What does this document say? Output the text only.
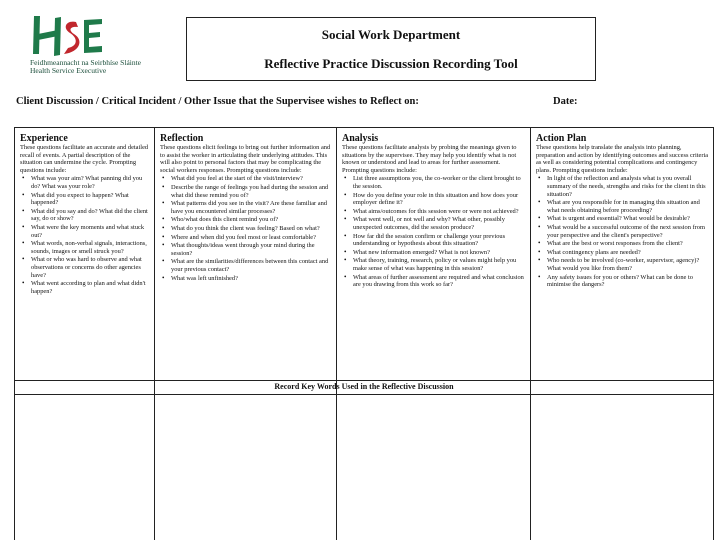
Feidhmeannacht na Seirbhíse Sláinte
Health Service Executive
Social Work Department
Reflective Practice Discussion Recording Tool
Client Discussion / Critical Incident / Other Issue that the Supervisee wishes to Reflect on:	Date:
Experience

These questions facilitate an accurate and detailed recall of events. A partial description of the situation can undermine the cycle. Prompting questions include:

• What was your aim? What panning did you do? What was your role?
• What did you expect to happen? What happened?
• What did you say and do? What did the client say, do or show?
• What were the key moments and what stuck out?
• What words, non-verbal signals, interactions, sounds, images or smell struck you?
• What or who was hard to observe and what observations or concerns do other agencies have?
• What went according to plan and what didn't happen?
Reflection

These questions elicit feelings to bring out further information and to assist the worker in articulating their underlying attitudes. This will also point to personal factors that may be complicating the social workers responses. Prompting questions include:

• What did you feel at the start of the visit/interview?
• Describe the range of feelings you had during the session and what did these remind you of?
• What patterns did you see in the visit? Are these familiar and have you encountered similar processes?
• Who/what does this client remind you of?
• What do you think the client was feeling? Based on what?
• Where and when did you feel most or least comfortable?
• What thoughts/ideas went through your mind during the session?
• What are the similarities/differences between this contact and your previous contact?
• What was left unfinished?
Analysis

These questions facilitate analysis by probing the meanings given to situations by the supervisee. They may help you identify what is not known or understood and lead to areas for further assessment. Prompting questions include:

• List three assumptions you, the co-worker or the client brought to the session.
• How do you define your role in this situation and how does your employer define it?
• What aims/outcomes for this session were or were not achieved?
• What went well, or not well and why? What other, possibly unexpected outcomes, did the session produce?
• How far did the session confirm or challenge your previous understanding or hypothesis about this situation?
• What new information emerged? What is not known?
• What theory, training, research, policy or values might help you make sense of what was happening in this session?
• What areas of further assessment are required and what conclusion are you drawing from this work so far?
Action Plan

These questions help translate the analysis into planning, preparation and action by identifying outcomes and success criteria as well as considering potential complications and contingency plans. Prompting questions include:

• In light of the reflection and analysis what is you overall summary of the needs, strengths and risks for the client in this situation?
• What are you responsible for in managing this situation and what needs obtaining before proceeding?
• What is urgent and essential? What would be desirable?
• What would be a successful outcome of the next session from your perspective and the client's perspective?
• What are the best or worst responses from the client?
• What contingency plans are needed?
• Who needs to be involved (co-worker, supervisor, agency)? What would you like from them?
• Any safety issues for you or others? What can be done to minimise the dangers?
Record Key Words Used in the Reflective Discussion
